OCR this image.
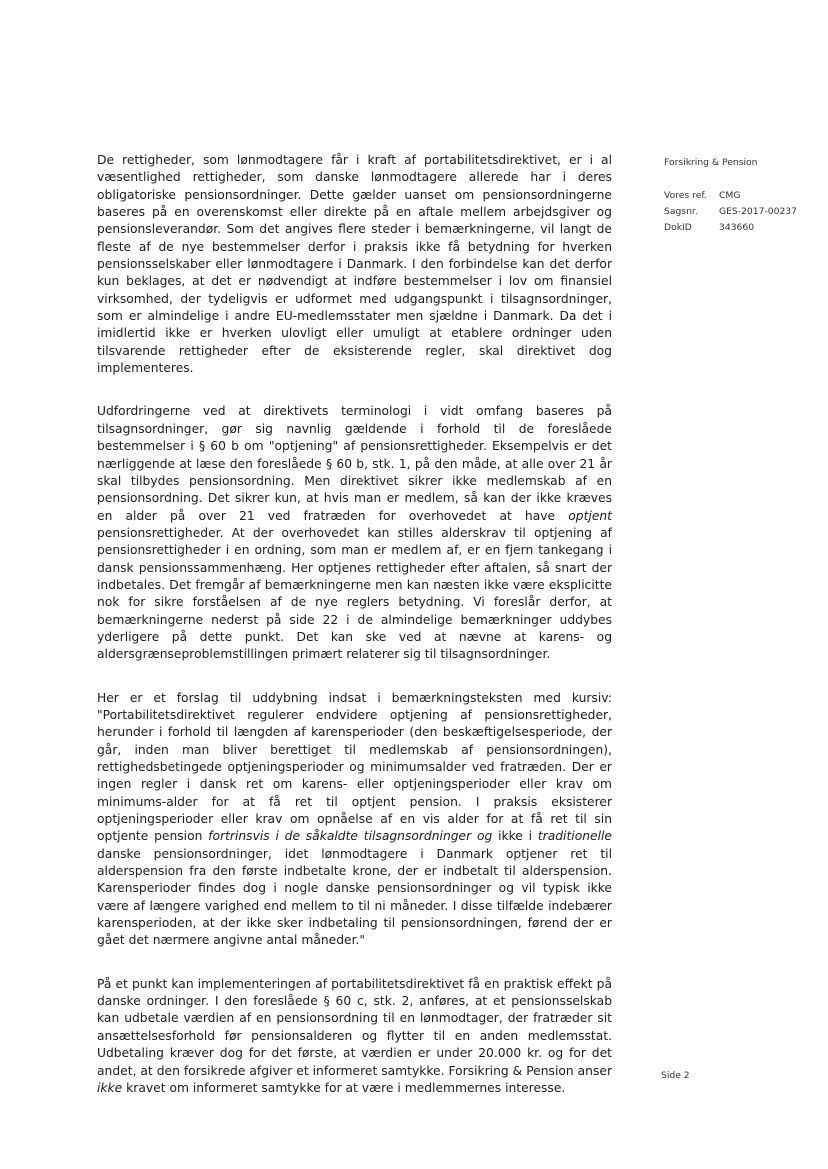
Forsikring & Pension
Vores ref.	CMG
Sagsnr.	GES-2017-00237
DokID	343660

De rettigheder, som lønmodtagere får i kraft af portabilitetsdirektivet, er i al væsentlighed rettigheder, som danske lønmodtagere allerede har i deres obligatoriske pensionsordninger. Dette gælder uanset om pensionsordningerne baseres på en overenskomst eller direkte på en aftale mellem arbejdsgiver og pensionsleverandør. Som det angives flere steder i bemærkningerne, vil langt de fleste af de nye bestemmelser derfor i praksis ikke få betydning for hverken pensionsselskaber eller lønmodtagere i Danmark. I den forbindelse kan det derfor kun beklages, at det er nødvendigt at indføre bestemmelser i lov om finansiel virksomhed, der tydeligvis er udformet med udgangspunkt i tilsagnsordninger, som er almindelige i andre EU-medlemsstater men sjældne i Danmark. Da det i imidlertid ikke er hverken ulovligt eller umuligt at etablere ordninger uden tilsvarende rettigheder efter de eksisterende regler, skal direktivet dog implementeres.

Udfordringerne ved at direktivets terminologi i vidt omfang baseres på tilsagnsordninger, gør sig navnlig gældende i forhold til de foreslåede bestemmelser i § 60 b om "optjening" af pensionsrettigheder. Eksempelvis er det nærliggende at læse den foreslåede § 60 b, stk. 1, på den måde, at alle over 21 år skal tilbydes pensionsordning. Men direktivet sikrer ikke medlemskab af en pensionsordning. Det sikrer kun, at hvis man er medlem, så kan der ikke kræves en alder på over 21 ved fratræden for overhovedet at have optjent pensionsrettigheder. At der overhovedet kan stilles alderskrav til optjening af pensionsrettigheder i en ordning, som man er medlem af, er en fjern tankegang i dansk pensionssammenhæng. Her optjenes rettigheder efter aftalen, så snart der indbetales. Det fremgår af bemærkningerne men kan næsten ikke være eksplicitte nok for sikre forståelsen af de nye reglers betydning. Vi foreslår derfor, at bemærkningerne nederst på side 22 i de almindelige bemærkninger uddybes yderligere på dette punkt. Det kan ske ved at nævne at karens- og aldersgrænseproblemstillingen primært relaterer sig til tilsagnsordninger.

Her er et forslag til uddybning indsat i bemærkningsteksten med kursiv: "Portabilitetsdirektivet regulerer endvidere optjening af pensionsrettigheder, herunder i forhold til længden af karensperioder (den beskæftigelsesperiode, der går, inden man bliver berettiget til medlemskab af pensionsordningen), rettighedsbetingede optjeningsperioder og minimumsalder ved fratræden. Der er ingen regler i dansk ret om karens- eller optjeningsperioder eller krav om minimums-alder for at få ret til optjent pension. I praksis eksisterer optjeningsperioder eller krav om opnåelse af en vis alder for at få ret til sin optjente pension fortrinsvis i de såkaldte tilsagnsordninger og ikke i traditionelle danske pensionsordninger, idet lønmodtagere i Danmark optjener ret til alderspension fra den første indbetalte krone, der er indbetalt til alderspension. Karensperioder findes dog i nogle danske pensionsordninger og vil typisk ikke være af længere varighed end mellem to til ni måneder. I disse tilfælde indebærer karensperioden, at der ikke sker indbetaling til pensionsordningen, førend der er gået det nærmere angivne antal måneder."

På et punkt kan implementeringen af portabilitetsdirektivet få en praktisk effekt på danske ordninger. I den foreslåede § 60 c, stk. 2, anføres, at et pensionsselskab kan udbetale værdien af en pensionsordning til en lønmodtager, der fratræder sit ansættelsesforhold før pensionsalderen og flytter til en anden medlemsstat. Udbetaling kræver dog for det første, at værdien er under 20.000 kr. og for det andet, at den forsikrede afgiver et informeret samtykke. Forsikring & Pension anser ikke kravet om informeret samtykke for at være i medlemmernes interesse.

Side 2
